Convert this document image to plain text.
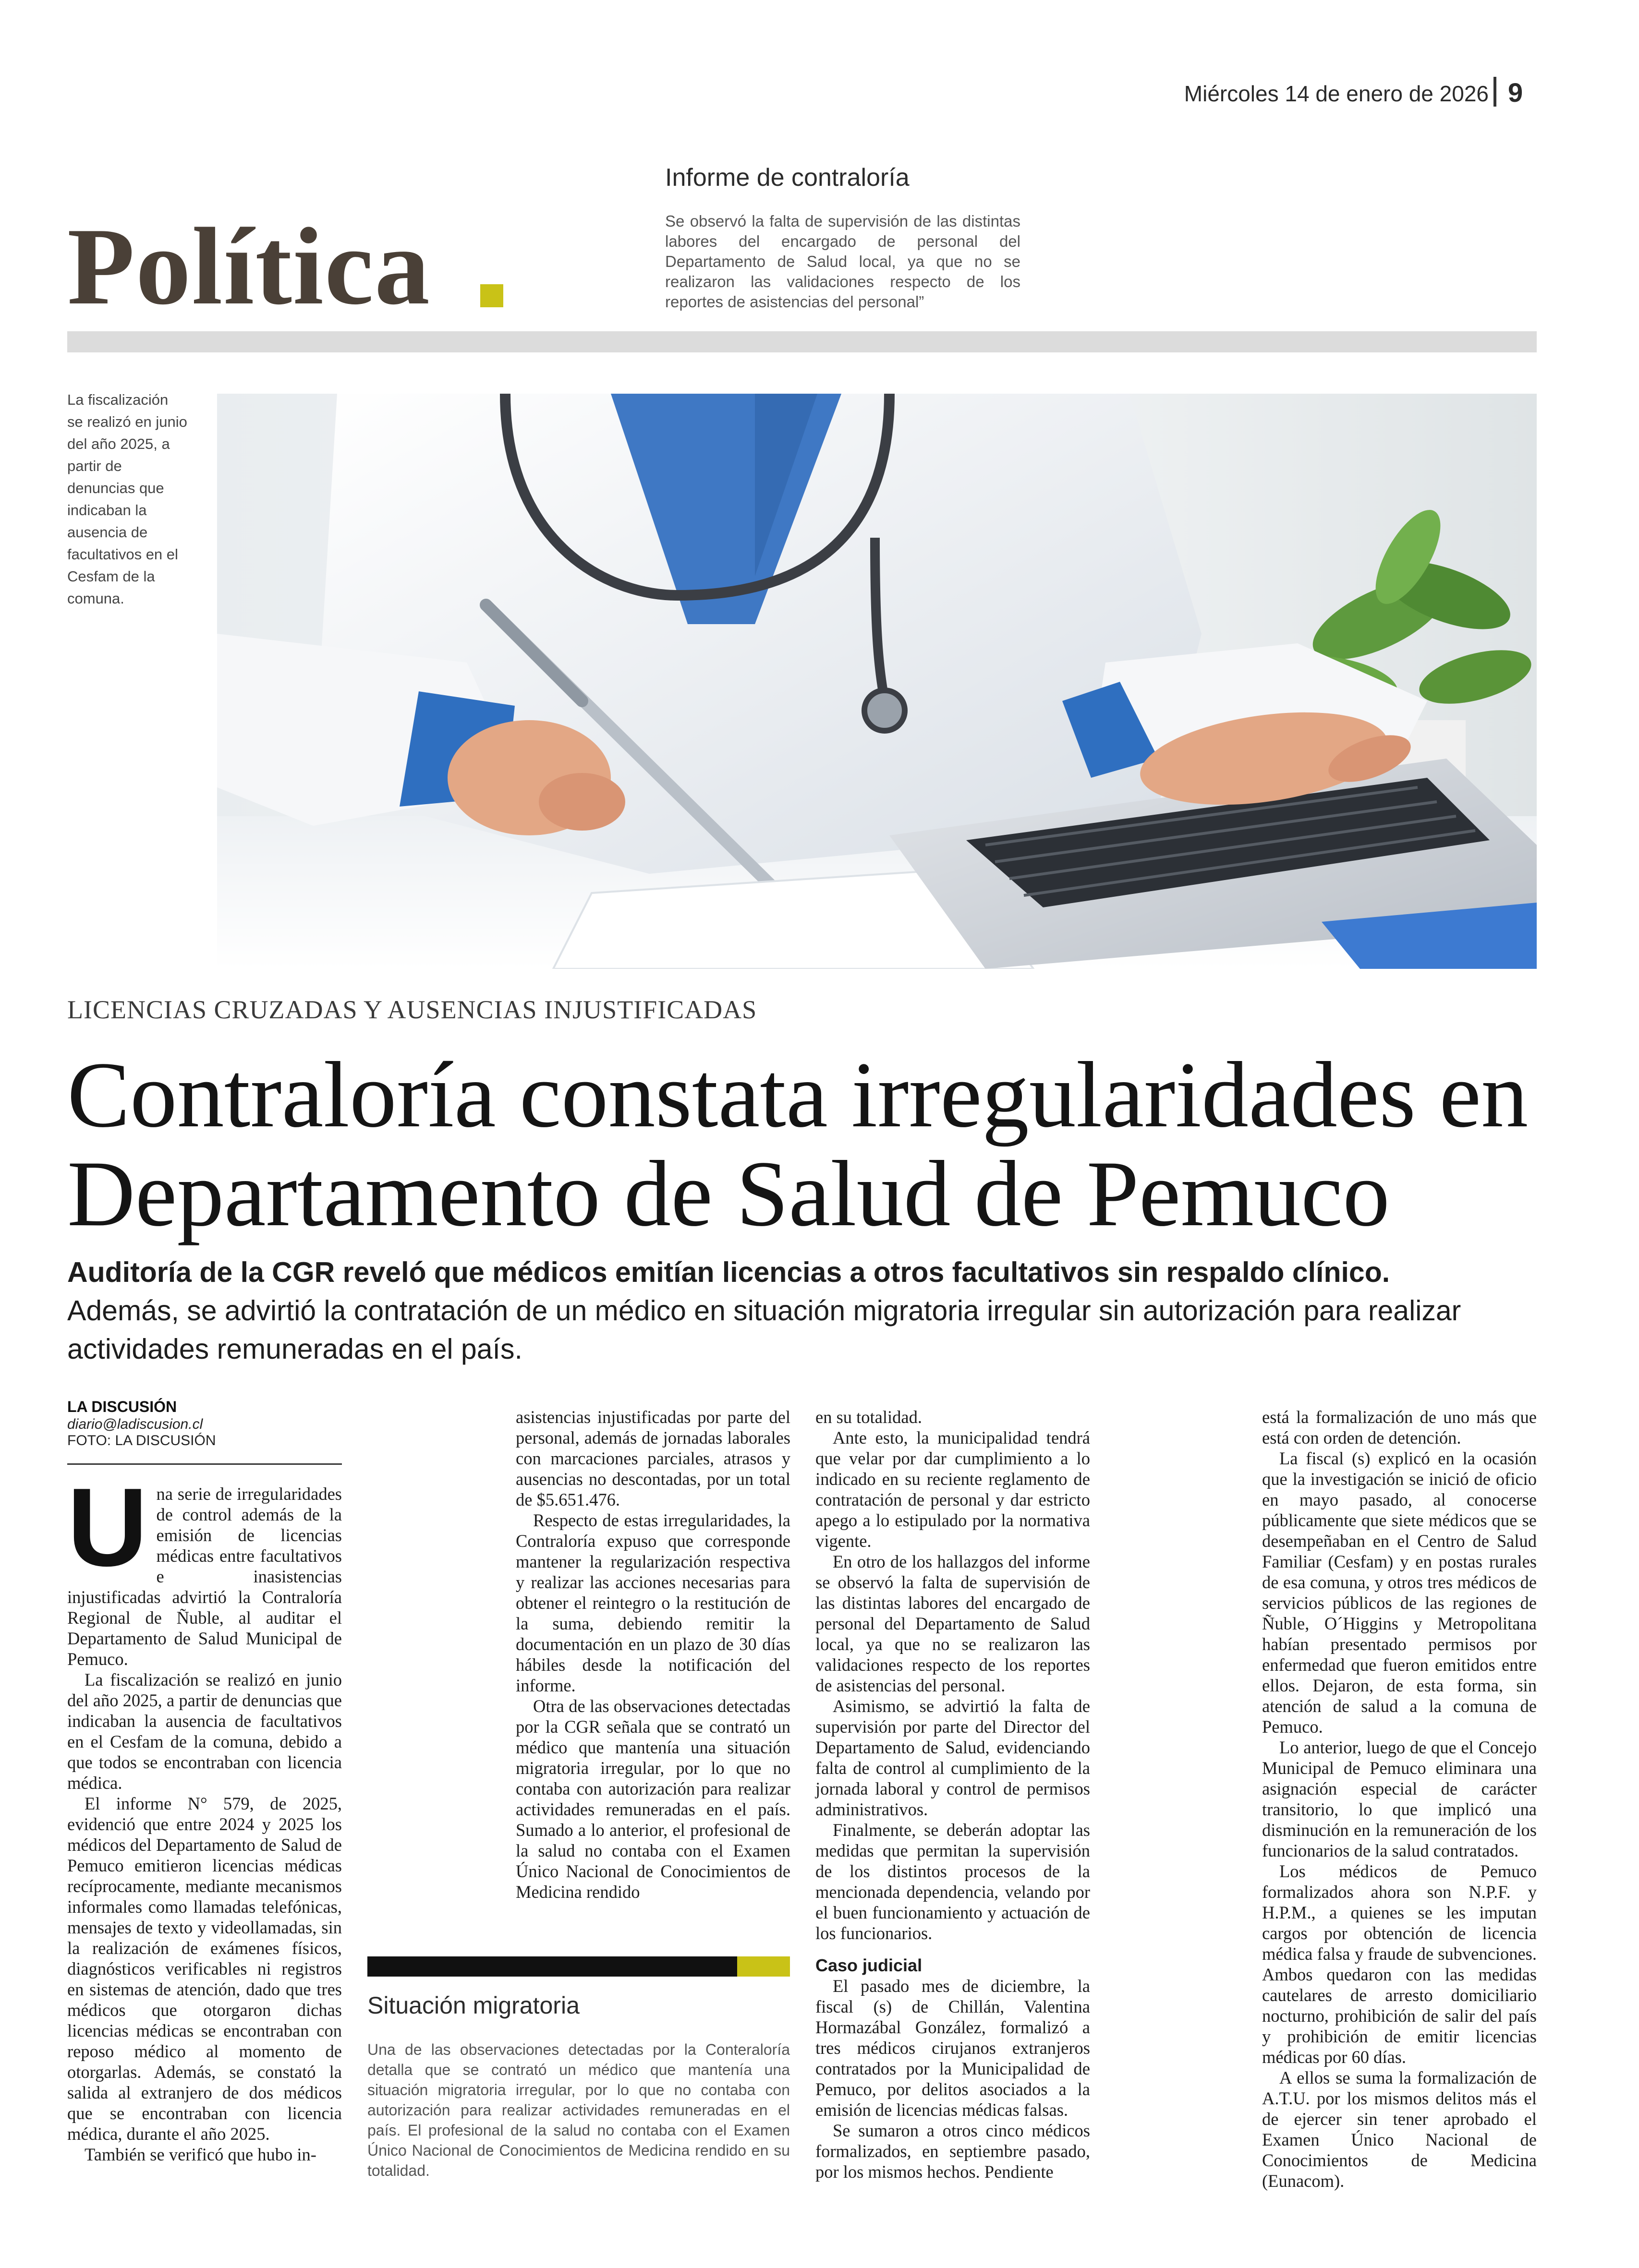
Miércoles 14 de enero de 2026 9
Política
Informe de contraloría
Se observó la falta de supervisión de las distintas labores del encargado de personal del Departamento de Salud local, ya que no se realizaron las validaciones respecto de los reportes de asistencias del personal”
La fiscalización se realizó en junio del año 2025, a partir de denuncias que indicaban la ausencia de facultativos en el Cesfam de la comuna.
LICENCIAS CRUZADAS Y AUSENCIAS INJUSTIFICADAS
Contraloría constata irregularidades en Departamento de Salud de Pemuco
Auditoría de la CGR reveló que médicos emitían licencias a otros facultativos sin respaldo clínico. Además, se advirtió la contratación de un médico en situación migratoria irregular sin autorización para realizar actividades remuneradas en el país.
LA DISCUSIÓN
diario@ladiscusion.cl
FOTO: LA DISCUSIÓN

Una serie de irregularidades de control además de la emisión de licencias médicas entre facultativos e inasistencias injustificadas advirtió la Contraloría Regional de Ñuble, al auditar el Departamento de Salud Municipal de Pemuco.

La fiscalización se realizó en junio del año 2025, a partir de denuncias que indicaban la ausencia de facultativos en el Cesfam de la comuna, debido a que todos se encontraban con licencia médica.

El informe N° 579, de 2025, evidenció que entre 2024 y 2025 los médicos del Departamento de Salud de Pemuco emitieron licencias médicas recíprocamente, mediante mecanismos informales como llamadas telefónicas, mensajes de texto y videollamadas, sin la realización de exámenes físicos, diagnósticos verificables ni registros en sistemas de atención, dado que tres médicos que otorgaron dichas licencias médicas se encontraban con reposo médico al momento de otorgarlas. Además, se constató la salida al extranjero de dos médicos que se encontraban con licencia médica, durante el año 2025.

También se verificó que hubo in-

asistencias injustificadas por parte del personal, además de jornadas laborales con marcaciones parciales, atrasos y ausencias no descontadas, por un total de $5.651.476.

Respecto de estas irregularidades, la Contraloría expuso que corresponde mantener la regularización respectiva y realizar las acciones necesarias para obtener el reintegro o la restitución de la suma, debiendo remitir la documentación en un plazo de 30 días hábiles desde la notificación del informe.

Otra de las observaciones detectadas por la CGR señala que se contrató un médico que mantenía una situación migratoria irregular, por lo que no contaba con autorización para realizar actividades remuneradas en el país. Sumado a lo anterior, el profesional de la salud no contaba con el Examen Único Nacional de Conocimientos de Medicina rendido

en su totalidad.

Ante esto, la municipalidad tendrá que velar por dar cumplimiento a lo indicado en su reciente reglamento de contratación de personal y dar estricto apego a lo estipulado por la normativa vigente.

En otro de los hallazgos del informe se observó la falta de supervisión de las distintas labores del encargado de personal del Departamento de Salud local, ya que no se realizaron las validaciones respecto de los reportes de asistencias del personal.

Asimismo, se advirtió la falta de supervisión por parte del Director del Departamento de Salud, evidenciando falta de control al cumplimiento de la jornada laboral y control de permisos administrativos.

Finalmente, se deberán adoptar las medidas que permitan la supervisión de los distintos procesos de la mencionada dependencia, velando por el buen funcionamiento y actuación de los funcionarios.

Caso judicial

El pasado mes de diciembre, la fiscal (s) de Chillán, Valentina Hormazábal González, formalizó a tres médicos cirujanos extranjeros contratados por la Municipalidad de Pemuco, por delitos asociados a la emisión de licencias médicas falsas.

Se sumaron a otros cinco médicos formalizados, en septiembre pasado, por los mismos hechos. Pendiente

está la formalización de uno más que está con orden de detención.

La fiscal (s) explicó en la ocasión que la investigación se inició de oficio en mayo pasado, al conocerse públicamente que siete médicos que se desempeñaban en el Centro de Salud Familiar (Cesfam) y en postas rurales de esa comuna, y otros tres médicos de servicios públicos de las regiones de Ñuble, O´Higgins y Metropolitana habían presentado permisos por enfermedad que fueron emitidos entre ellos. Dejaron, de esta forma, sin atención de salud a la comuna de Pemuco.

Lo anterior, luego de que el Concejo Municipal de Pemuco eliminara una asignación especial de carácter transitorio, lo que implicó una disminución en la remuneración de los funcionarios de la salud contratados.

Los médicos de Pemuco formalizados ahora son N.P.F. y H.P.M., a quienes se les imputan cargos por obtención de licencia médica falsa y fraude de subvenciones. Ambos quedaron con las medidas cautelares de arresto domiciliario nocturno, prohibición de salir del país y prohibición de emitir licencias médicas por 60 días.

A ellos se suma la formalización de A.T.U. por los mismos delitos más el de ejercer sin tener aprobado el Examen Único Nacional de Conocimientos de Medicina (Eunacom).

Situación migratoria
Una de las observaciones detectadas por la Conteraloría detalla que se contrató un médico que mantenía una situación migratoria irregular, por lo que no contaba con autorización para realizar actividades remuneradas en el país. El profesional de la salud no contaba con el Examen Único Nacional de Conocimientos de Medicina rendido en su totalidad.
